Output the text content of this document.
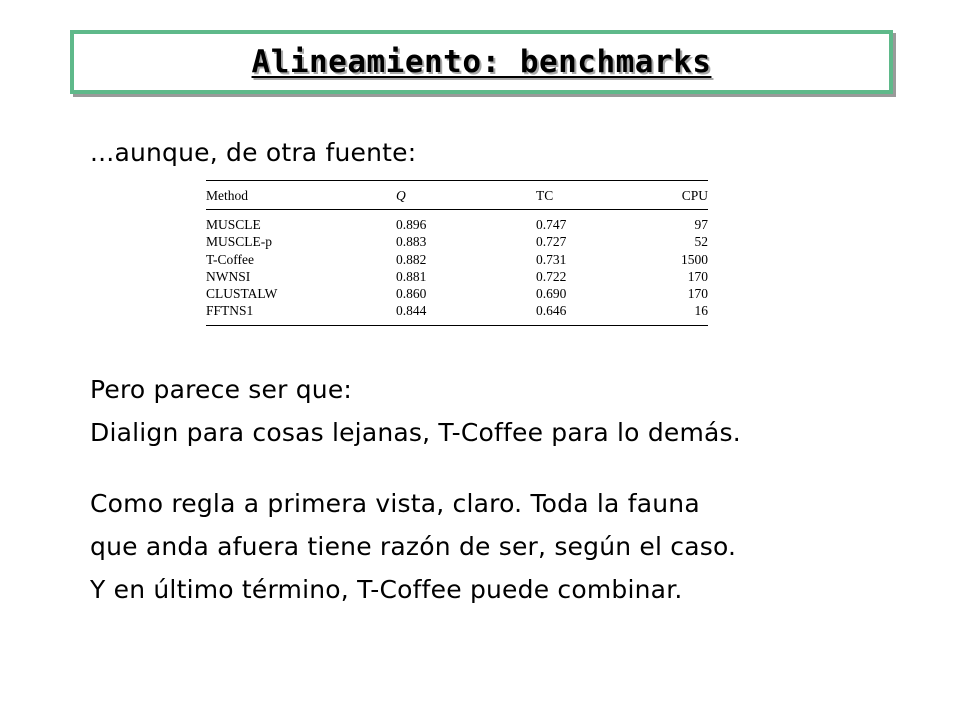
Alineamiento: benchmarks
...aunque, de otra fuente:
Method	Q	TC	CPU
MUSCLE	0.896	0.747	97
MUSCLE-p	0.883	0.727	52
T-Coffee	0.882	0.731	1500
NWNSI	0.881	0.722	170
CLUSTALW	0.860	0.690	170
FFTNS1	0.844	0.646	16
Pero parece ser que:
Dialign para cosas lejanas, T-Coffee para lo demás.
Como regla a primera vista, claro. Toda la fauna
que anda afuera tiene razón de ser, según el caso.
Y en último término, T-Coffee puede combinar.
